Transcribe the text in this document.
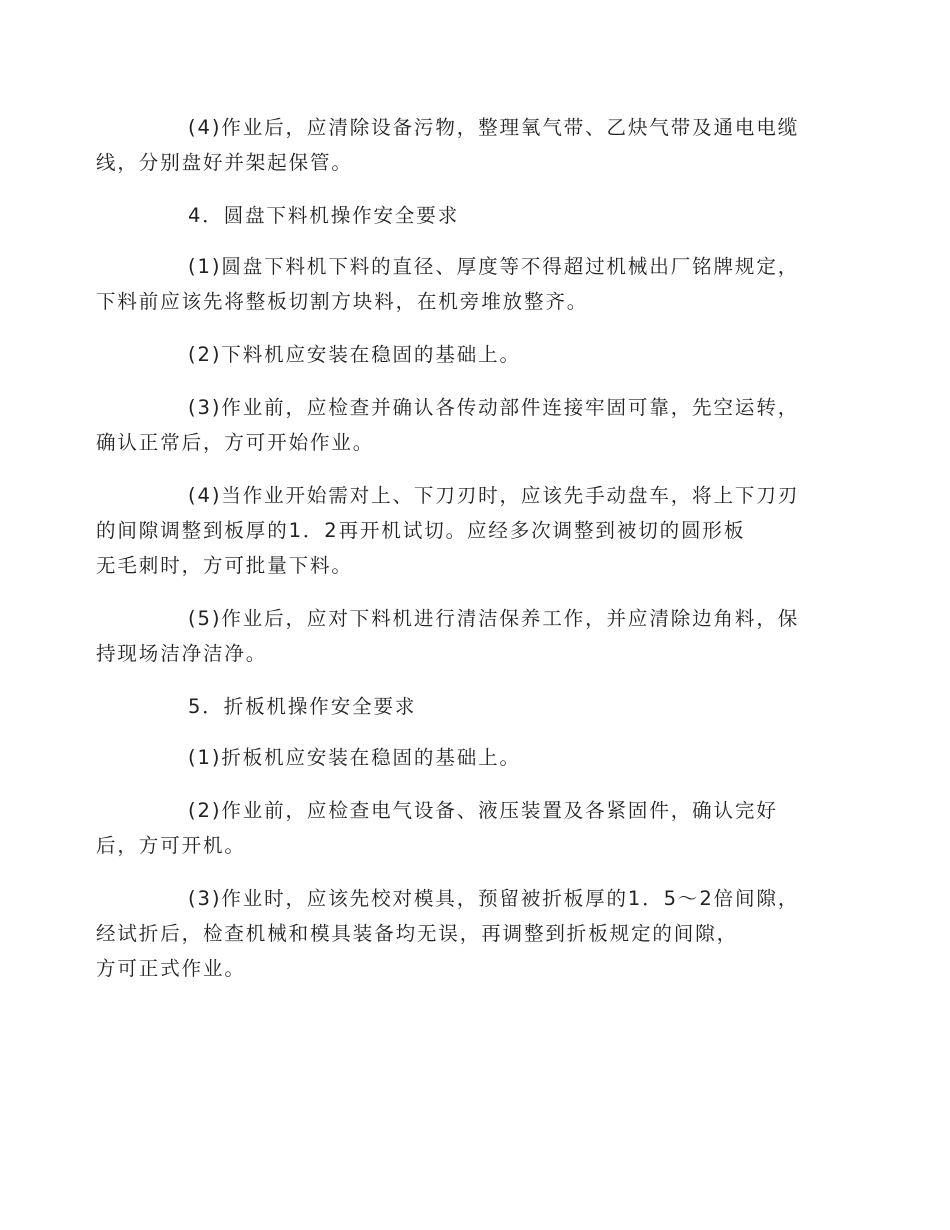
(4)作业后，应清除设备污物，整理氧气带、乙炔气带及通电电缆
线，分别盘好并架起保管。

4．圆盘下料机操作安全要求

(1)圆盘下料机下料的直径、厚度等不得超过机械出厂铭牌规定，
下料前应该先将整板切割方块料，在机旁堆放整齐。

(2)下料机应安装在稳固的基础上。

(3)作业前，应检查并确认各传动部件连接牢固可靠，先空运转，
确认正常后，方可开始作业。

(4)当作业开始需对上、下刀刃时，应该先手动盘车，将上下刀刃
的间隙调整到板厚的1．2再开机试切。应经多次调整到被切的圆形板
无毛刺时，方可批量下料。

(5)作业后，应对下料机进行清洁保养工作，并应清除边角料，保
持现场洁净洁净。

5．折板机操作安全要求

(1)折板机应安装在稳固的基础上。

(2)作业前，应检查电气设备、液压装置及各紧固件，确认完好
后，方可开机。

(3)作业时，应该先校对模具，预留被折板厚的1．5～2倍间隙，
经试折后，检查机械和模具装备均无误，再调整到折板规定的间隙，
方可正式作业。
